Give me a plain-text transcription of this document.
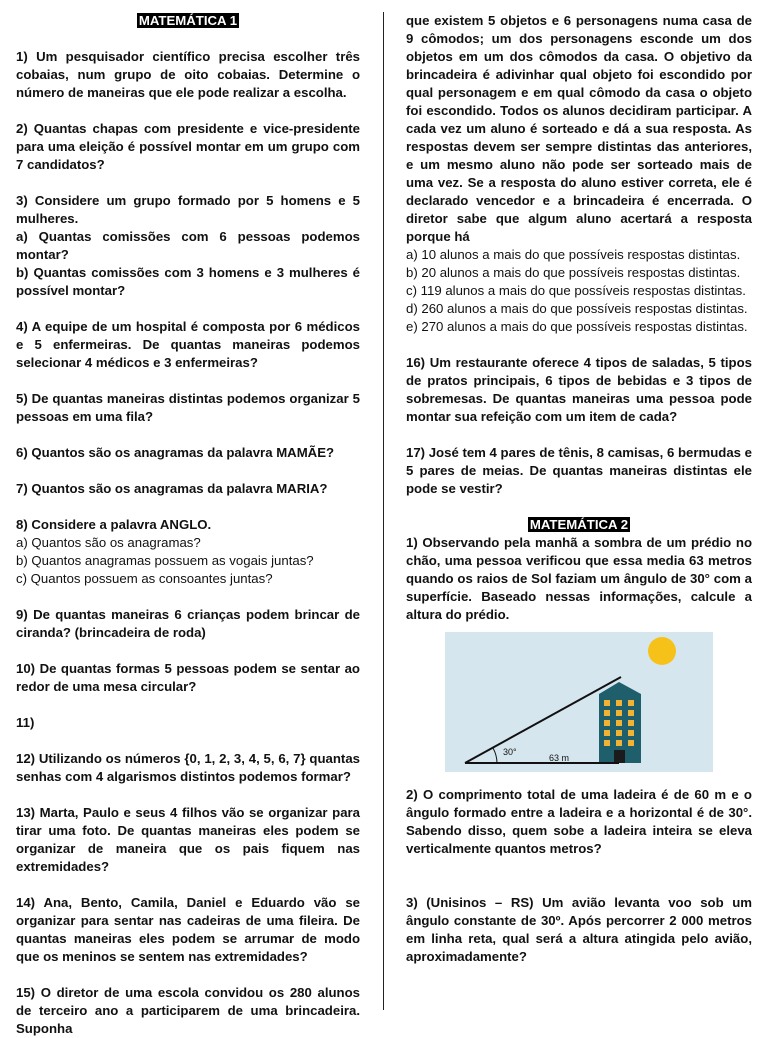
MATEMÁTICA 1

1) Um pesquisador científico precisa escolher três cobaias, num grupo de oito cobaias. Determine o número de maneiras que ele pode realizar a escolha.

2) Quantas chapas com presidente e vice-presidente para uma eleição é possível montar em um grupo com 7 candidatos?

3) Considere um grupo formado por 5 homens e 5 mulheres.

a) Quantas comissões com 6 pessoas podemos montar?

b) Quantas comissões com 3 homens e 3 mulheres é possível montar?

4) A equipe de um hospital é composta por 6 médicos e 5 enfermeiras. De quantas maneiras podemos selecionar 4 médicos e 3 enfermeiras?

5) De quantas maneiras distintas podemos organizar 5 pessoas em uma fila?

6) Quantos são os anagramas da palavra MAMÃE?

7) Quantos são os anagramas da palavra MARIA?

8) Considere a palavra ANGLO.

a) Quantos são os anagramas?

b) Quantos anagramas possuem as vogais juntas?

c) Quantos possuem as consoantes juntas?

9) De quantas maneiras 6 crianças podem brincar de ciranda? (brincadeira de roda)

10) De quantas formas 5 pessoas podem se sentar ao redor de uma mesa circular?

11)

12) Utilizando os números {0, 1, 2, 3, 4, 5, 6, 7} quantas senhas com 4 algarismos distintos podemos formar?

13) Marta, Paulo e seus 4 filhos vão se organizar para tirar uma foto. De quantas maneiras eles podem se organizar de maneira que os pais fiquem nas extremidades?

14) Ana, Bento, Camila, Daniel e Eduardo vão se organizar para sentar nas cadeiras de uma fileira. De quantas maneiras eles podem se arrumar de modo que os meninos se sentem nas extremidades?

15) O diretor de uma escola convidou os 280 alunos de terceiro ano a participarem de uma brincadeira. Suponha

que existem 5 objetos e 6 personagens numa casa de 9 cômodos; um dos personagens esconde um dos objetos em um dos cômodos da casa. O objetivo da brincadeira é adivinhar qual objeto foi escondido por qual personagem e em qual cômodo da casa o objeto foi escondido. Todos os alunos decidiram participar. A cada vez um aluno é sorteado e dá a sua resposta. As respostas devem ser sempre distintas das anteriores, e um mesmo aluno não pode ser sorteado mais de uma vez. Se a resposta do aluno estiver correta, ele é declarado vencedor e a brincadeira é encerrada. O diretor sabe que algum aluno acertará a resposta porque há

a) 10 alunos a mais do que possíveis respostas distintas.

b) 20 alunos a mais do que possíveis respostas distintas.

c) 119 alunos a mais do que possíveis respostas distintas.

d) 260 alunos a mais do que possíveis respostas distintas.

e) 270 alunos a mais do que possíveis respostas distintas.

16) Um restaurante oferece 4 tipos de saladas, 5 tipos de pratos principais, 6 tipos de bebidas e 3 tipos de sobremesas. De quantas maneiras uma pessoa pode montar sua refeição com um item de cada?

17) José tem 4 pares de tênis, 8 camisas, 6 bermudas e 5 pares de meias. De quantas maneiras distintas ele pode se vestir?

MATEMÁTICA 2

1) Observando pela manhã a sombra de um prédio no chão, uma pessoa verificou que essa media 63 metros quando os raios de Sol faziam um ângulo de 30° com a superfície. Baseado nessas informações, calcule a altura do prédio.

30°
63 m

2) O comprimento total de uma ladeira é de 60 m e o ângulo formado entre a ladeira e a horizontal é de 30°. Sabendo disso, quem sobe a ladeira inteira se eleva verticalmente quantos metros?

3) (Unisinos – RS) Um avião levanta voo sob um ângulo constante de 30º. Após percorrer 2 000 metros em linha reta, qual será a altura atingida pelo avião, aproximadamente?
